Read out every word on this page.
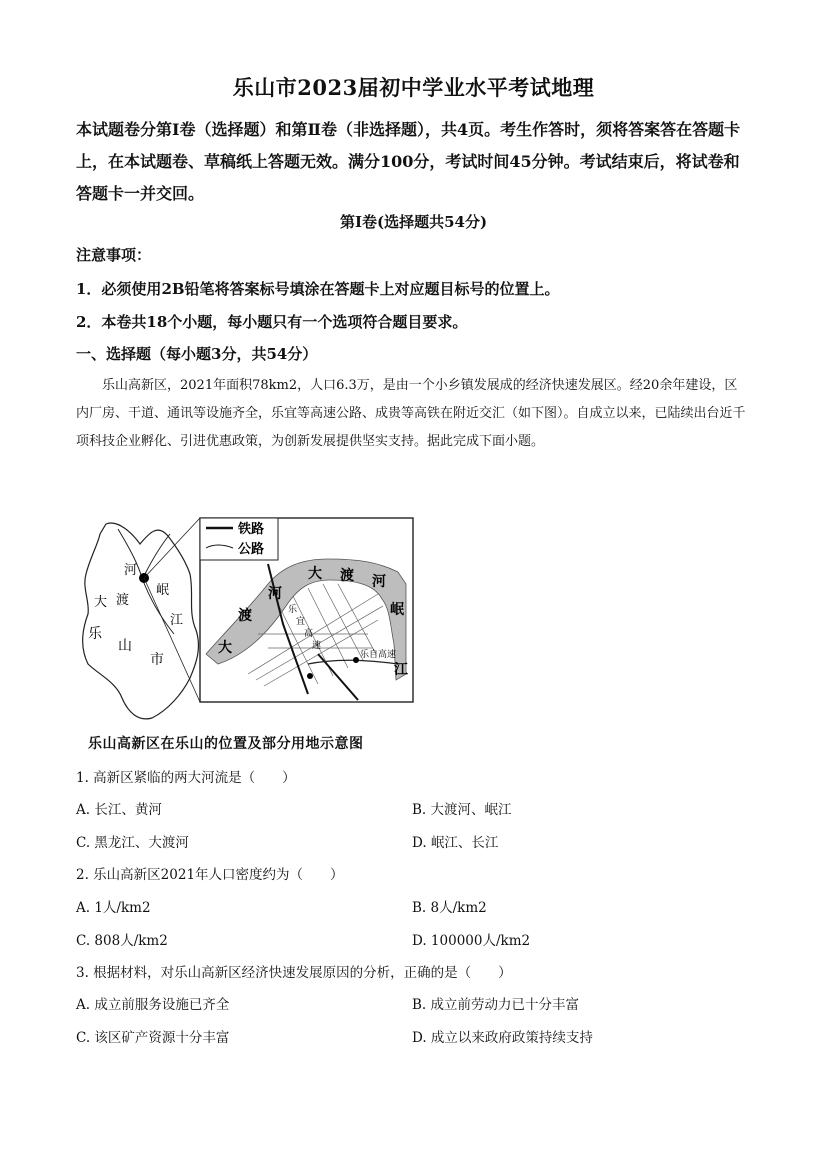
乐山市2023届初中学业水平考试地理
本试题卷分第Ⅰ卷（选择题）和第Ⅱ卷（非选择题），共4页。考生作答时，须将答案答在答题卡上，在本试题卷、草稿纸上答题无效。满分100分，考试时间45分钟。考试结束后，将试卷和答题卡一并交回。
第Ⅰ卷(选择题共54分)
注意事项：
1．必须使用2B铅笔将答案标号填涂在答题卡上对应题目标号的位置上。
2．本卷共18个小题，每小题只有一个选项符合题目要求。
一、选择题（每小题3分，共54分）
乐山高新区，2021年面积78km2，人口6.3万，是由一个小乡镇发展成的经济快速发展区。经20余年建设，区内厂房、干道、通讯等设施齐全，乐宜等高速公路、成贵等高铁在附近交汇（如下图）。自成立以来，已陆续出台近千项科技企业孵化、引进优惠政策，为创新发展提供坚实支持。据此完成下面小题。
河
大 渡
岷
江
乐
山
市
铁路
公路
大 渡 河
岷
江
河
渡
大	乐自高速
乐
宜
高
速
乐山高新区在乐山的位置及部分用地示意图
1. 高新区紧临的两大河流是（　　）
A. 长江、黄河	B. 大渡河、岷江
C. 黑龙江、大渡河	D. 岷江、长江
2. 乐山高新区2021年人口密度约为（　　）
A. 1人/km2	B. 8人/km2
C. 808人/km2	D. 100000人/km2
3. 根据材料，对乐山高新区经济快速发展原因的分析，正确的是（　　）
A. 成立前服务设施已齐全	B. 成立前劳动力已十分丰富
C. 该区矿产资源十分丰富	D. 成立以来政府政策持续支持
